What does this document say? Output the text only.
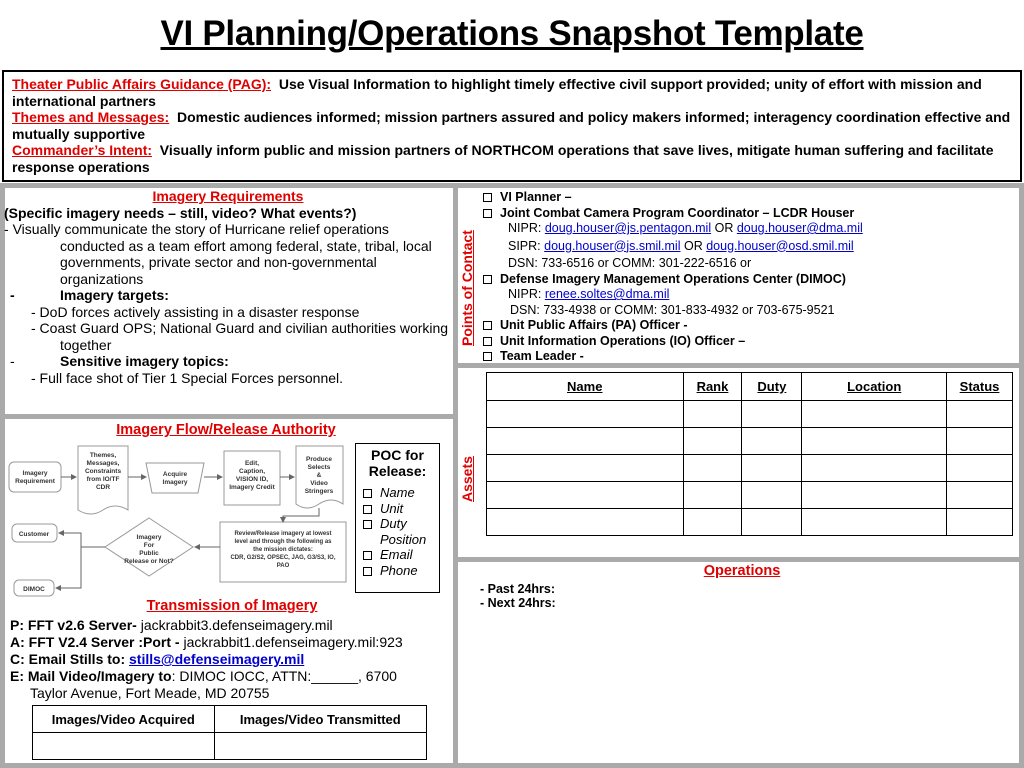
VI Planning/Operations Snapshot Template
Theater Public Affairs Guidance (PAG): Use Visual Information to highlight timely effective civil support provided; unity of effort with mission and international partners
Themes and Messages: Domestic audiences informed; mission partners assured and policy makers informed; interagency coordination effective and mutually supportive
Commander’s Intent: Visually inform public and mission partners of NORTHCOM operations that save lives, mitigate human suffering and facilitate response operations
Imagery Requirements
(Specific imagery needs – still, video? What events?)
- Visually communicate the story of Hurricane relief operations conducted as a team effort among federal, state, tribal, local governments, private sector and non-governmental organizations
-	Imagery targets:
- DoD forces actively assisting in a disaster response
- Coast Guard OPS; National Guard and civilian authorities working together
-	Sensitive imagery topics:
- Full face shot of Tier 1 Special Forces personnel.
Points of Contact
VI Planner –
Joint Combat Camera Program Coordinator – LCDR Houser
NIPR: doug.houser@js.pentagon.mil OR doug.houser@dma.mil
SIPR: doug.houser@js.smil.mil OR doug.houser@osd.smil.mil
DSN: 733-6516 or COMM: 301-222-6516 or
Defense Imagery Management Operations Center (DIMOC)
NIPR: renee.soltes@dma.mil
DSN: 733-4938 or COMM: 301-833-4932 or 703-675-9521
Unit Public Affairs (PA) Officer -
Unit Information Operations (IO) Officer –
Team Leader -
Assets
Name	Rank	Duty	Location	Status

Operations
- Past 24hrs:
- Next 24hrs:
Imagery Flow/Release Authority
Imagery Requirement
Themes, Messages, Constraints from IO/TF CDR
Acquire Imagery
Edit, Caption, VISION ID, Imagery Credit
Produce Selects & Video Stringers
Customer	Imagery For Public Release or Not?
Review/Release imagery at lowest level and through the following as the mission dictates: CDR, G2/S2, OPSEC, JAG, G3/S3, IO, PAO
DIMOC
POC for Release:
Name
Unit
Duty Position
Email
Phone
Transmission of Imagery
P: FFT v2.6 Server- jackrabbit3.defenseimagery.mil
A: FFT V2.4 Server :Port - jackrabbit1.defenseimagery.mil:923
C: Email Stills to: stills@defenseimagery.mil
E: Mail Video/Imagery to: DIMOC IOCC, ATTN:______, 6700
Taylor Avenue, Fort Meade, MD 20755
Images/Video Acquired	Images/Video Transmitted
